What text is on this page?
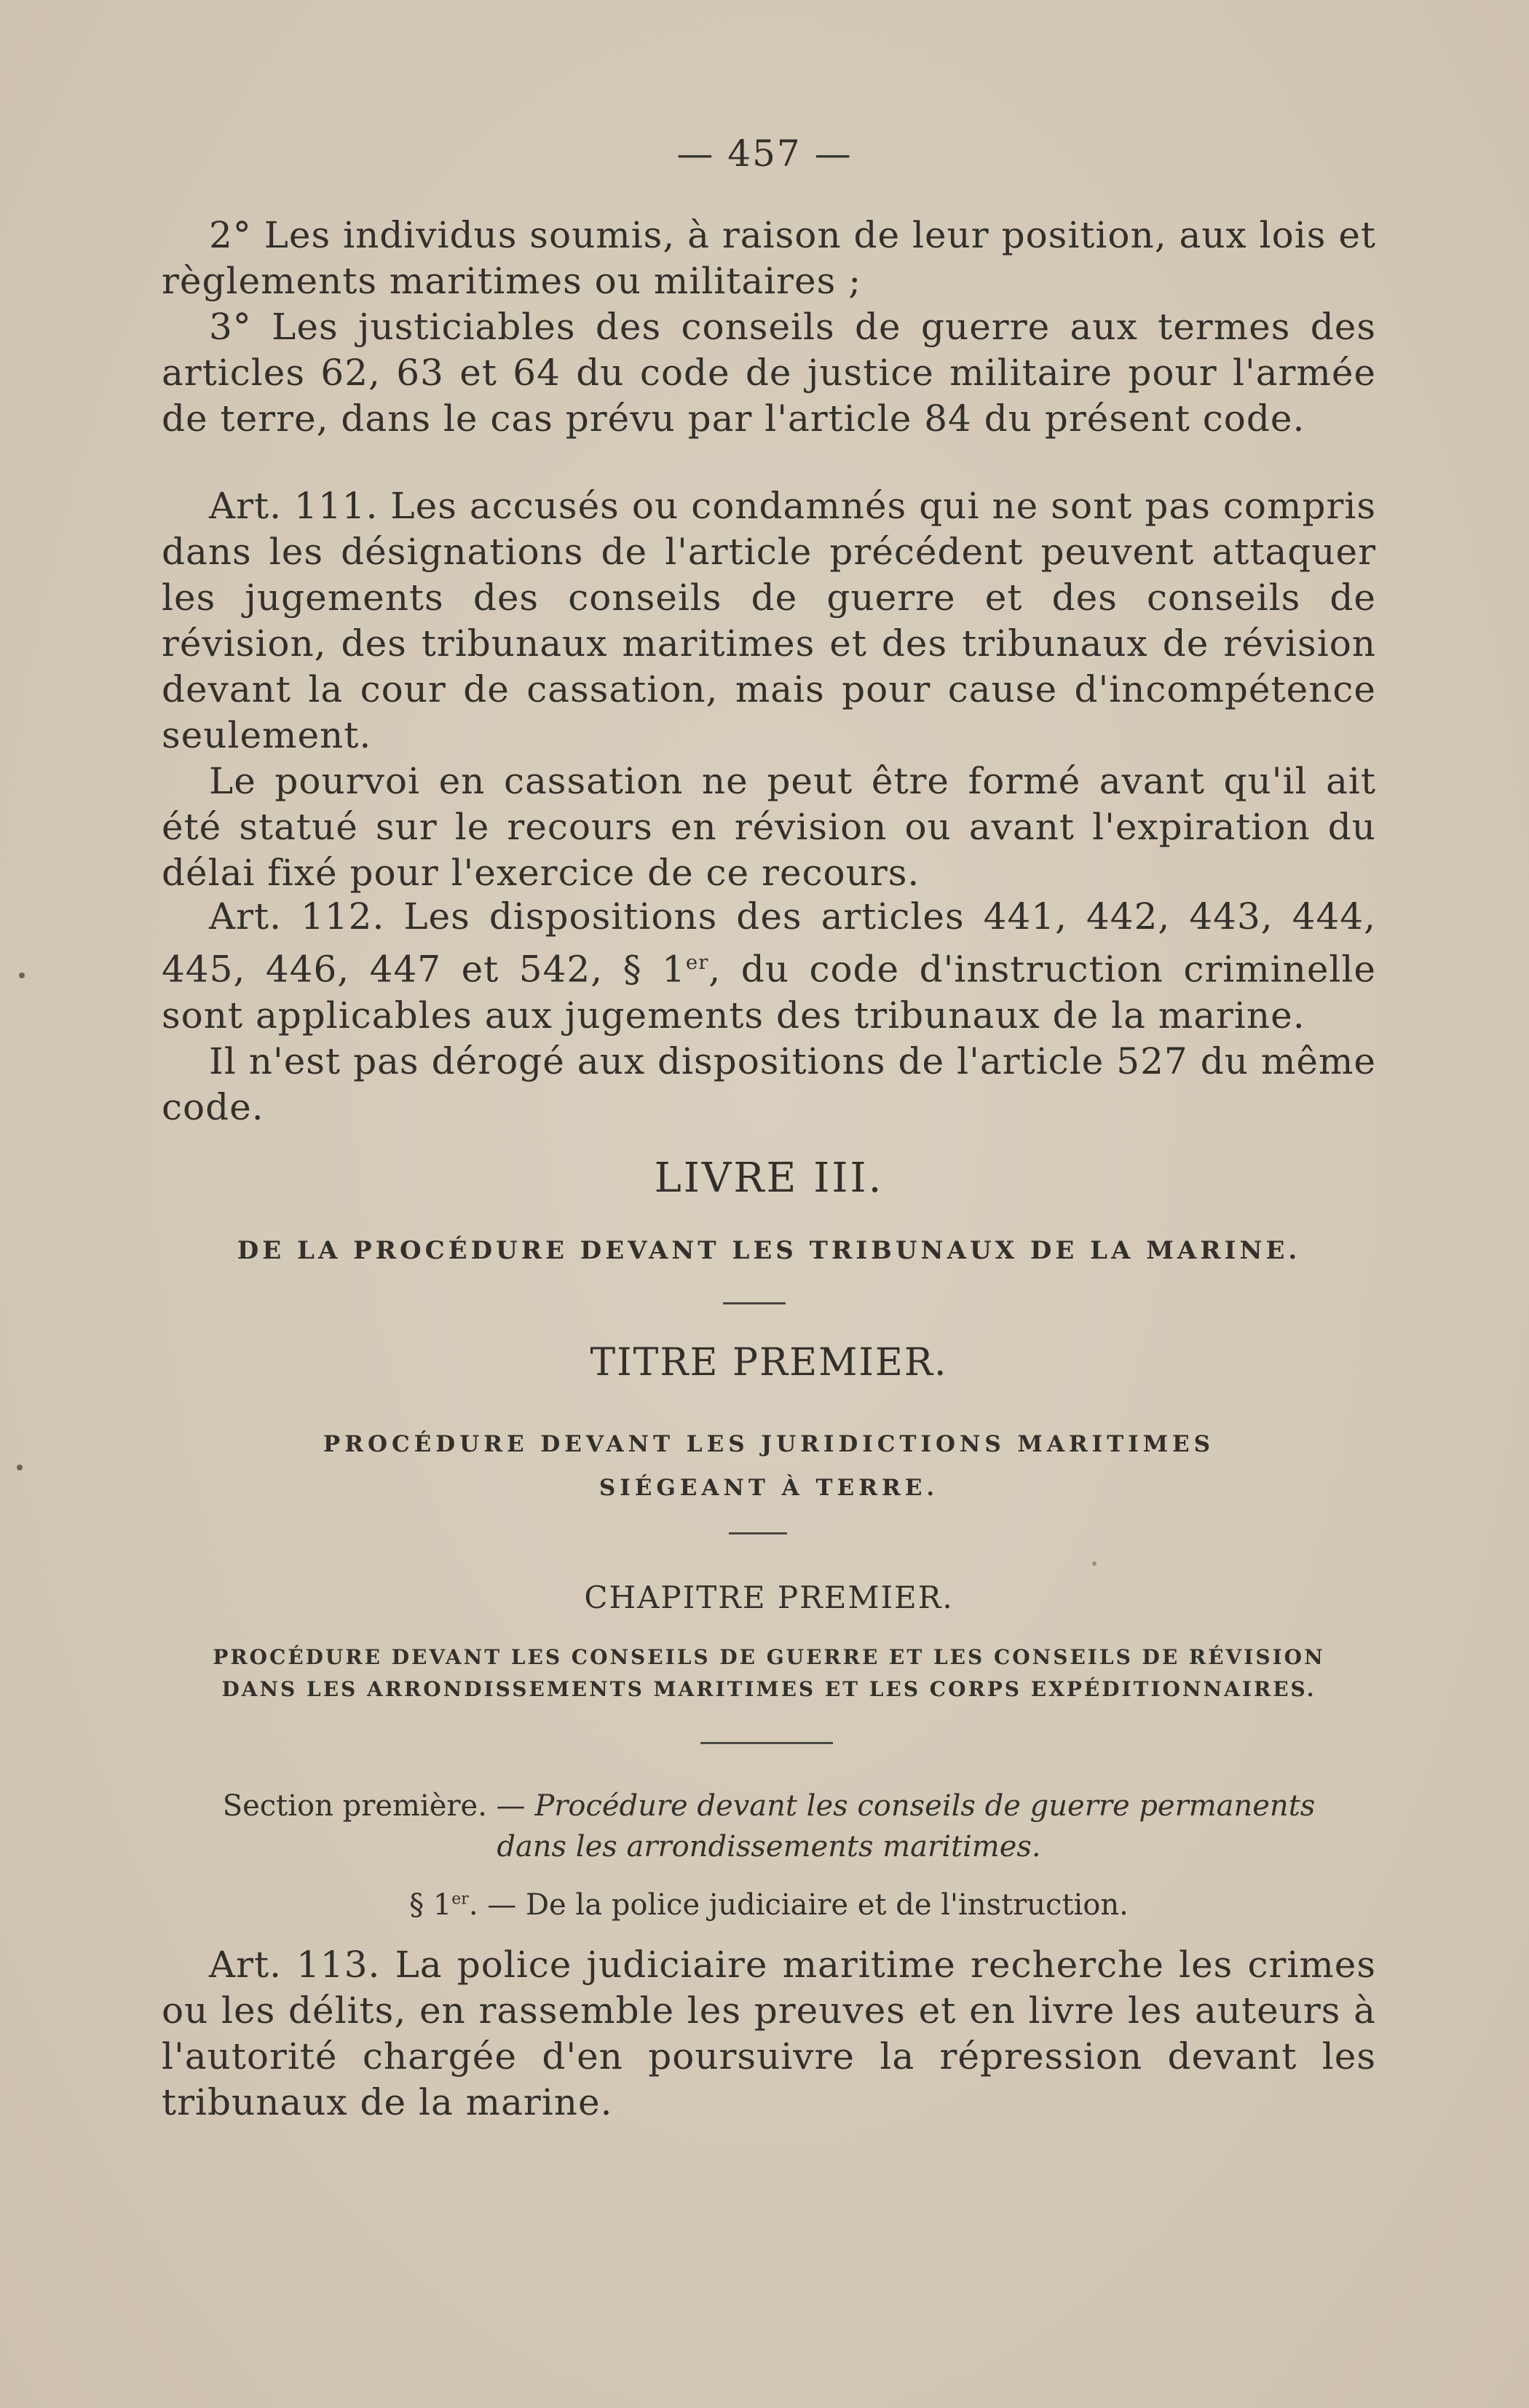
— 457 —

2° Les individus soumis, à raison de leur position, aux lois et règlements maritimes ou militaires ;

3° Les justiciables des conseils de guerre aux termes des articles 62, 63 et 64 du code de justice militaire pour l'armée de terre, dans le cas prévu par l'article 84 du présent code.

Art. 111. Les accusés ou condamnés qui ne sont pas compris dans les désignations de l'article précédent peuvent attaquer les jugements des conseils de guerre et des conseils de révision, des tribunaux maritimes et des tribunaux de révision devant la cour de cassation, mais pour cause d'incompétence seulement.

Le pourvoi en cassation ne peut être formé avant qu'il ait été statué sur le recours en révision ou avant l'expiration du délai fixé pour l'exercice de ce recours.

Art. 112. Les dispositions des articles 441, 442, 443, 444, 445, 446, 447 et 542, § 1er, du code d'instruction criminelle sont applicables aux jugements des tribunaux de la marine.

Il n'est pas dérogé aux dispositions de l'article 527 du même code.

LIVRE III.
DE LA PROCÉDURE DEVANT LES TRIBUNAUX DE LA MARINE.
TITRE PREMIER.
PROCÉDURE DEVANT LES JURIDICTIONS MARITIMES
SIÉGEANT À TERRE.
CHAPITRE PREMIER.
PROCÉDURE DEVANT LES CONSEILS DE GUERRE ET LES CONSEILS DE RÉVISION
DANS LES ARRONDISSEMENTS MARITIMES ET LES CORPS EXPÉDITIONNAIRES.
Section première. — Procédure devant les conseils de guerre permanents
dans les arrondissements maritimes.
§ 1er. — De la police judiciaire et de l'instruction.

Art. 113. La police judiciaire maritime recherche les crimes ou les délits, en rassemble les preuves et en livre les auteurs à l'autorité chargée d'en poursuivre la répression devant les tribunaux de la marine.
